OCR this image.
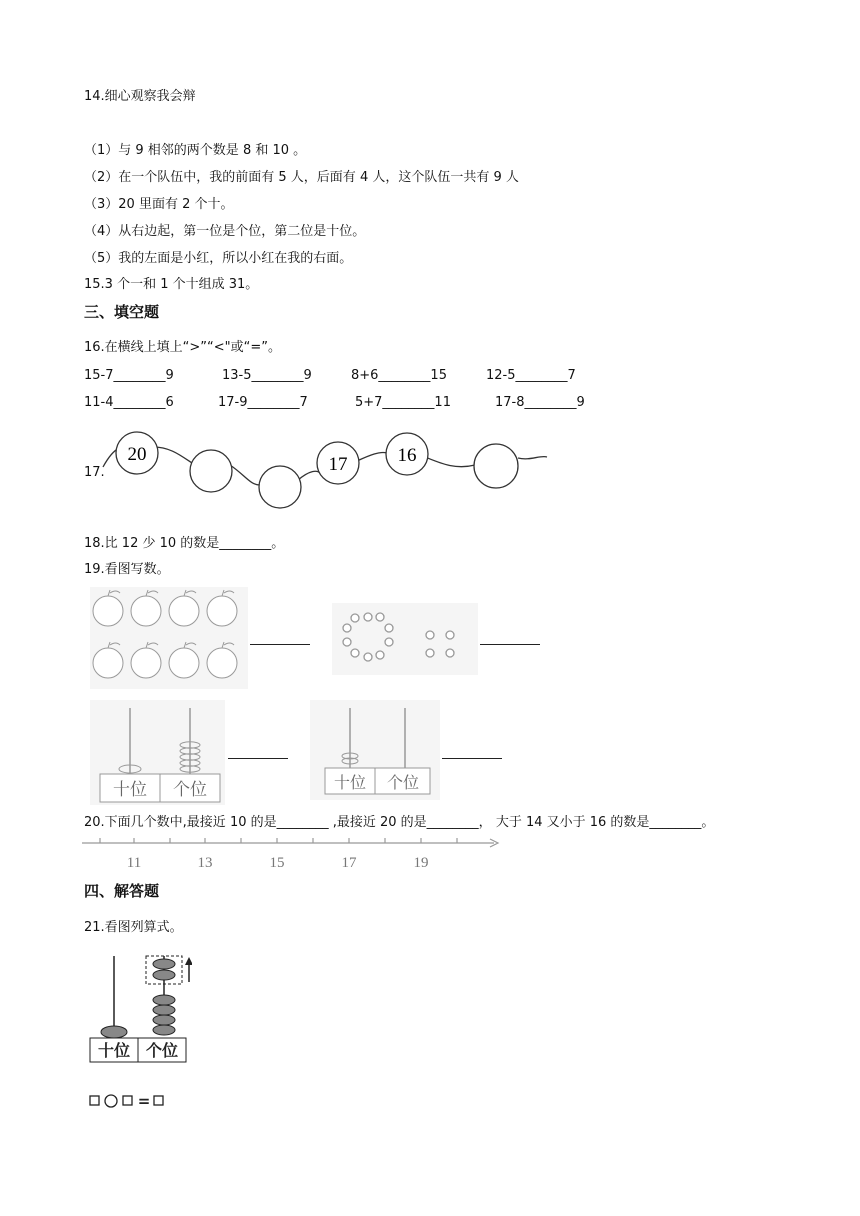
14.细心观察我会辩
（1）与 9 相邻的两个数是 8 和 10 。
（2）在一个队伍中，我的前面有 5 人，后面有 4 人，这个队伍一共有 9 人
（3）20 里面有 2 个十。
（4）从右边起，第一位是个位，第二位是十位。
（5）我的左面是小红，所以小红在我的右面。
15.3 个一和 1 个十组成 31。
三、填空题
16.在横线上填上“>”“<"或“=”。
15-7________9	13-5________9	8+6________15	12-5________7
11-4________6	17-9________7	5+7________11	17-8________9
17.
20	17	16
18.比 12 少 10 的数是________。
19.看图写数。
十位 个位	十位 个位
20.下面几个数中,最接近 10 的是________ ,最接近 20 的是________， 大于 14 又小于 16 的数是________。
11	13	15	17	19
四、解答题
21.看图列算式。
十位 个位
=
